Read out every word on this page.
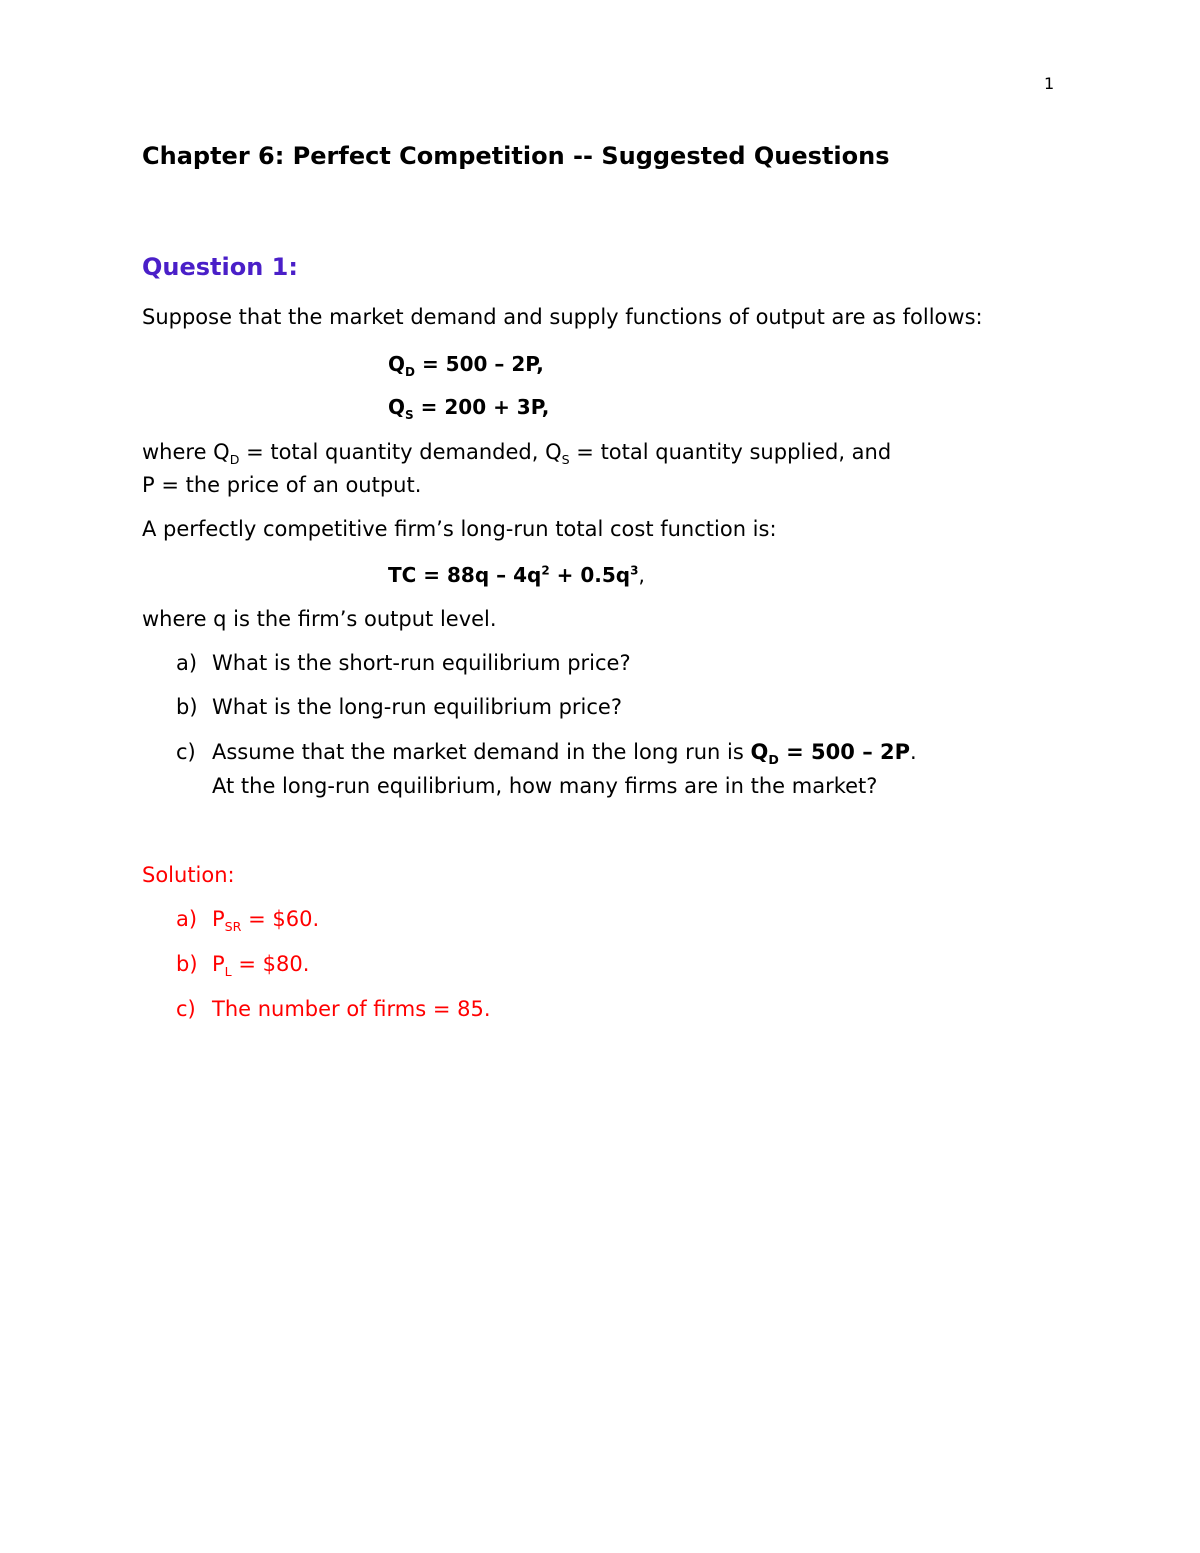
1
Chapter 6: Perfect Competition -- Suggested Questions
Question 1:
Suppose that the market demand and supply functions of output are as follows:
$Q_D = 500 - 2P$,
$Q_S = 200 + 3P$,
where $Q_D$ = total quantity demanded, $Q_S$ = total quantity supplied, and
P = the price of an output.
A perfectly competitive firm’s long-run total cost function is:
TC = $88q - 4q^2 + 0.5q^3$,
where q is the firm’s output level.
a) What is the short-run equilibrium price?
b) What is the long-run equilibrium price?
c) Assume that the market demand in the long run is $Q_D = 500 - 2P$.
At the long-run equilibrium, how many firms are in the market?
Solution:
a) $P_{SR}$ = $60.
b) $P_L$ = $80.
c) The number of firms = 85.
